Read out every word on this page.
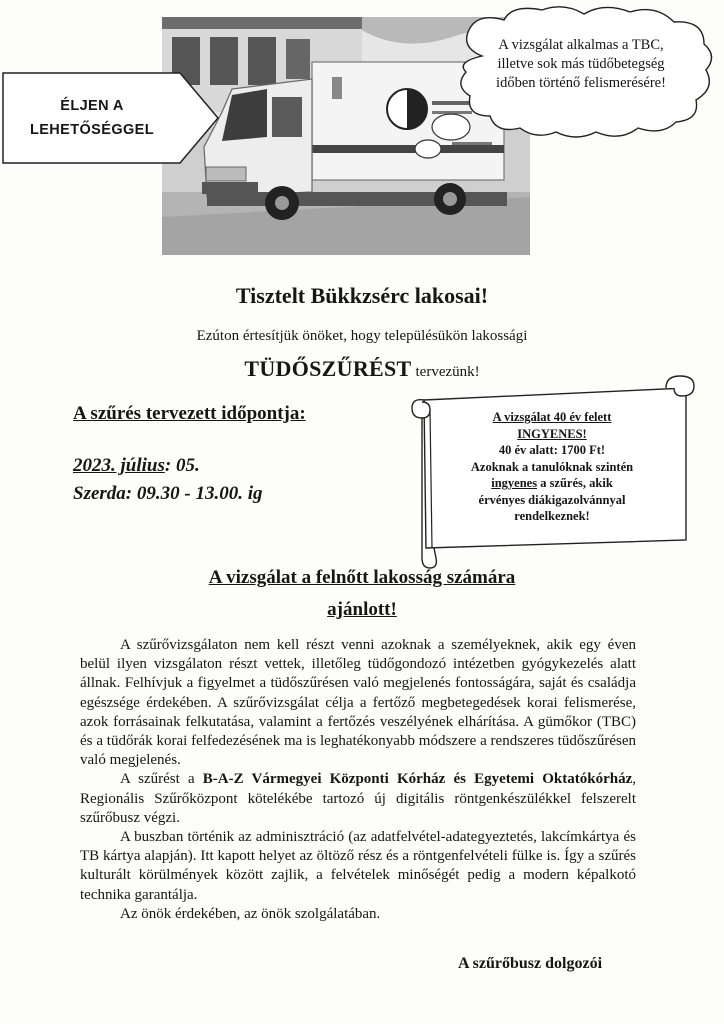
ÉLJEN A
LEHETŐSÉGGEL
A vizsgálat alkalmas a TBC, illetve sok más tüdőbetegség időben történő felismerésére!
Tisztelt Bükkzsérc lakosai!
Ezúton értesítjük önöket, hogy településükön lakossági
TÜDŐSZŰRÉST tervezünk!
A szűrés tervezett időpontja:
2023. július: 05.
Szerda: 09.30 - 13.00. ig
A vizsgálat 40 év felett
INGYENES!
40 év alatt: 1700 Ft!
Azoknak a tanulóknak szintén
ingyenes a szűrés, akik
érvényes diákigazolvánnyal
rendelkeznek!
A vizsgálat a felnőtt lakosság számára
ajánlott!

A szűrővizsgálaton nem kell részt venni azoknak a személyeknek, akik egy éven belül ilyen vizsgálaton részt vettek, illetőleg tüdőgondozó intézetben gyógykezelés alatt állnak. Felhívjuk a figyelmet a tüdőszűrésen való megjelenés fontosságára, saját és családja egészsége érdekében. A szűrővizsgálat célja a fertőző megbetegedések korai felismerése, azok forrásainak felkutatása, valamint a fertőzés veszélyének elhárítása. A gümőkor (TBC) és a tüdőrák korai felfedezésének ma is leghatékonyabb módszere a rendszeres tüdőszűrésen való megjelenés.

A szűrést a B-A-Z Vármegyei Központi Kórház és Egyetemi Oktatókórház, Regionális Szűrőközpont kötelékébe tartozó új digitális röntgenkészülékkel felszerelt szűrőbusz végzi.

A buszban történik az adminisztráció (az adatfelvétel-adategyeztetés, lakcímkártya és TB kártya alapján). Itt kapott helyet az öltöző rész és a röntgenfelvételi fülke is. Így a szűrés kulturált körülmények között zajlik, a felvételek minőségét pedig a modern képalkotó technika garantálja.

Az önök érdekében, az önök szolgálatában.

A szűrőbusz dolgozói
